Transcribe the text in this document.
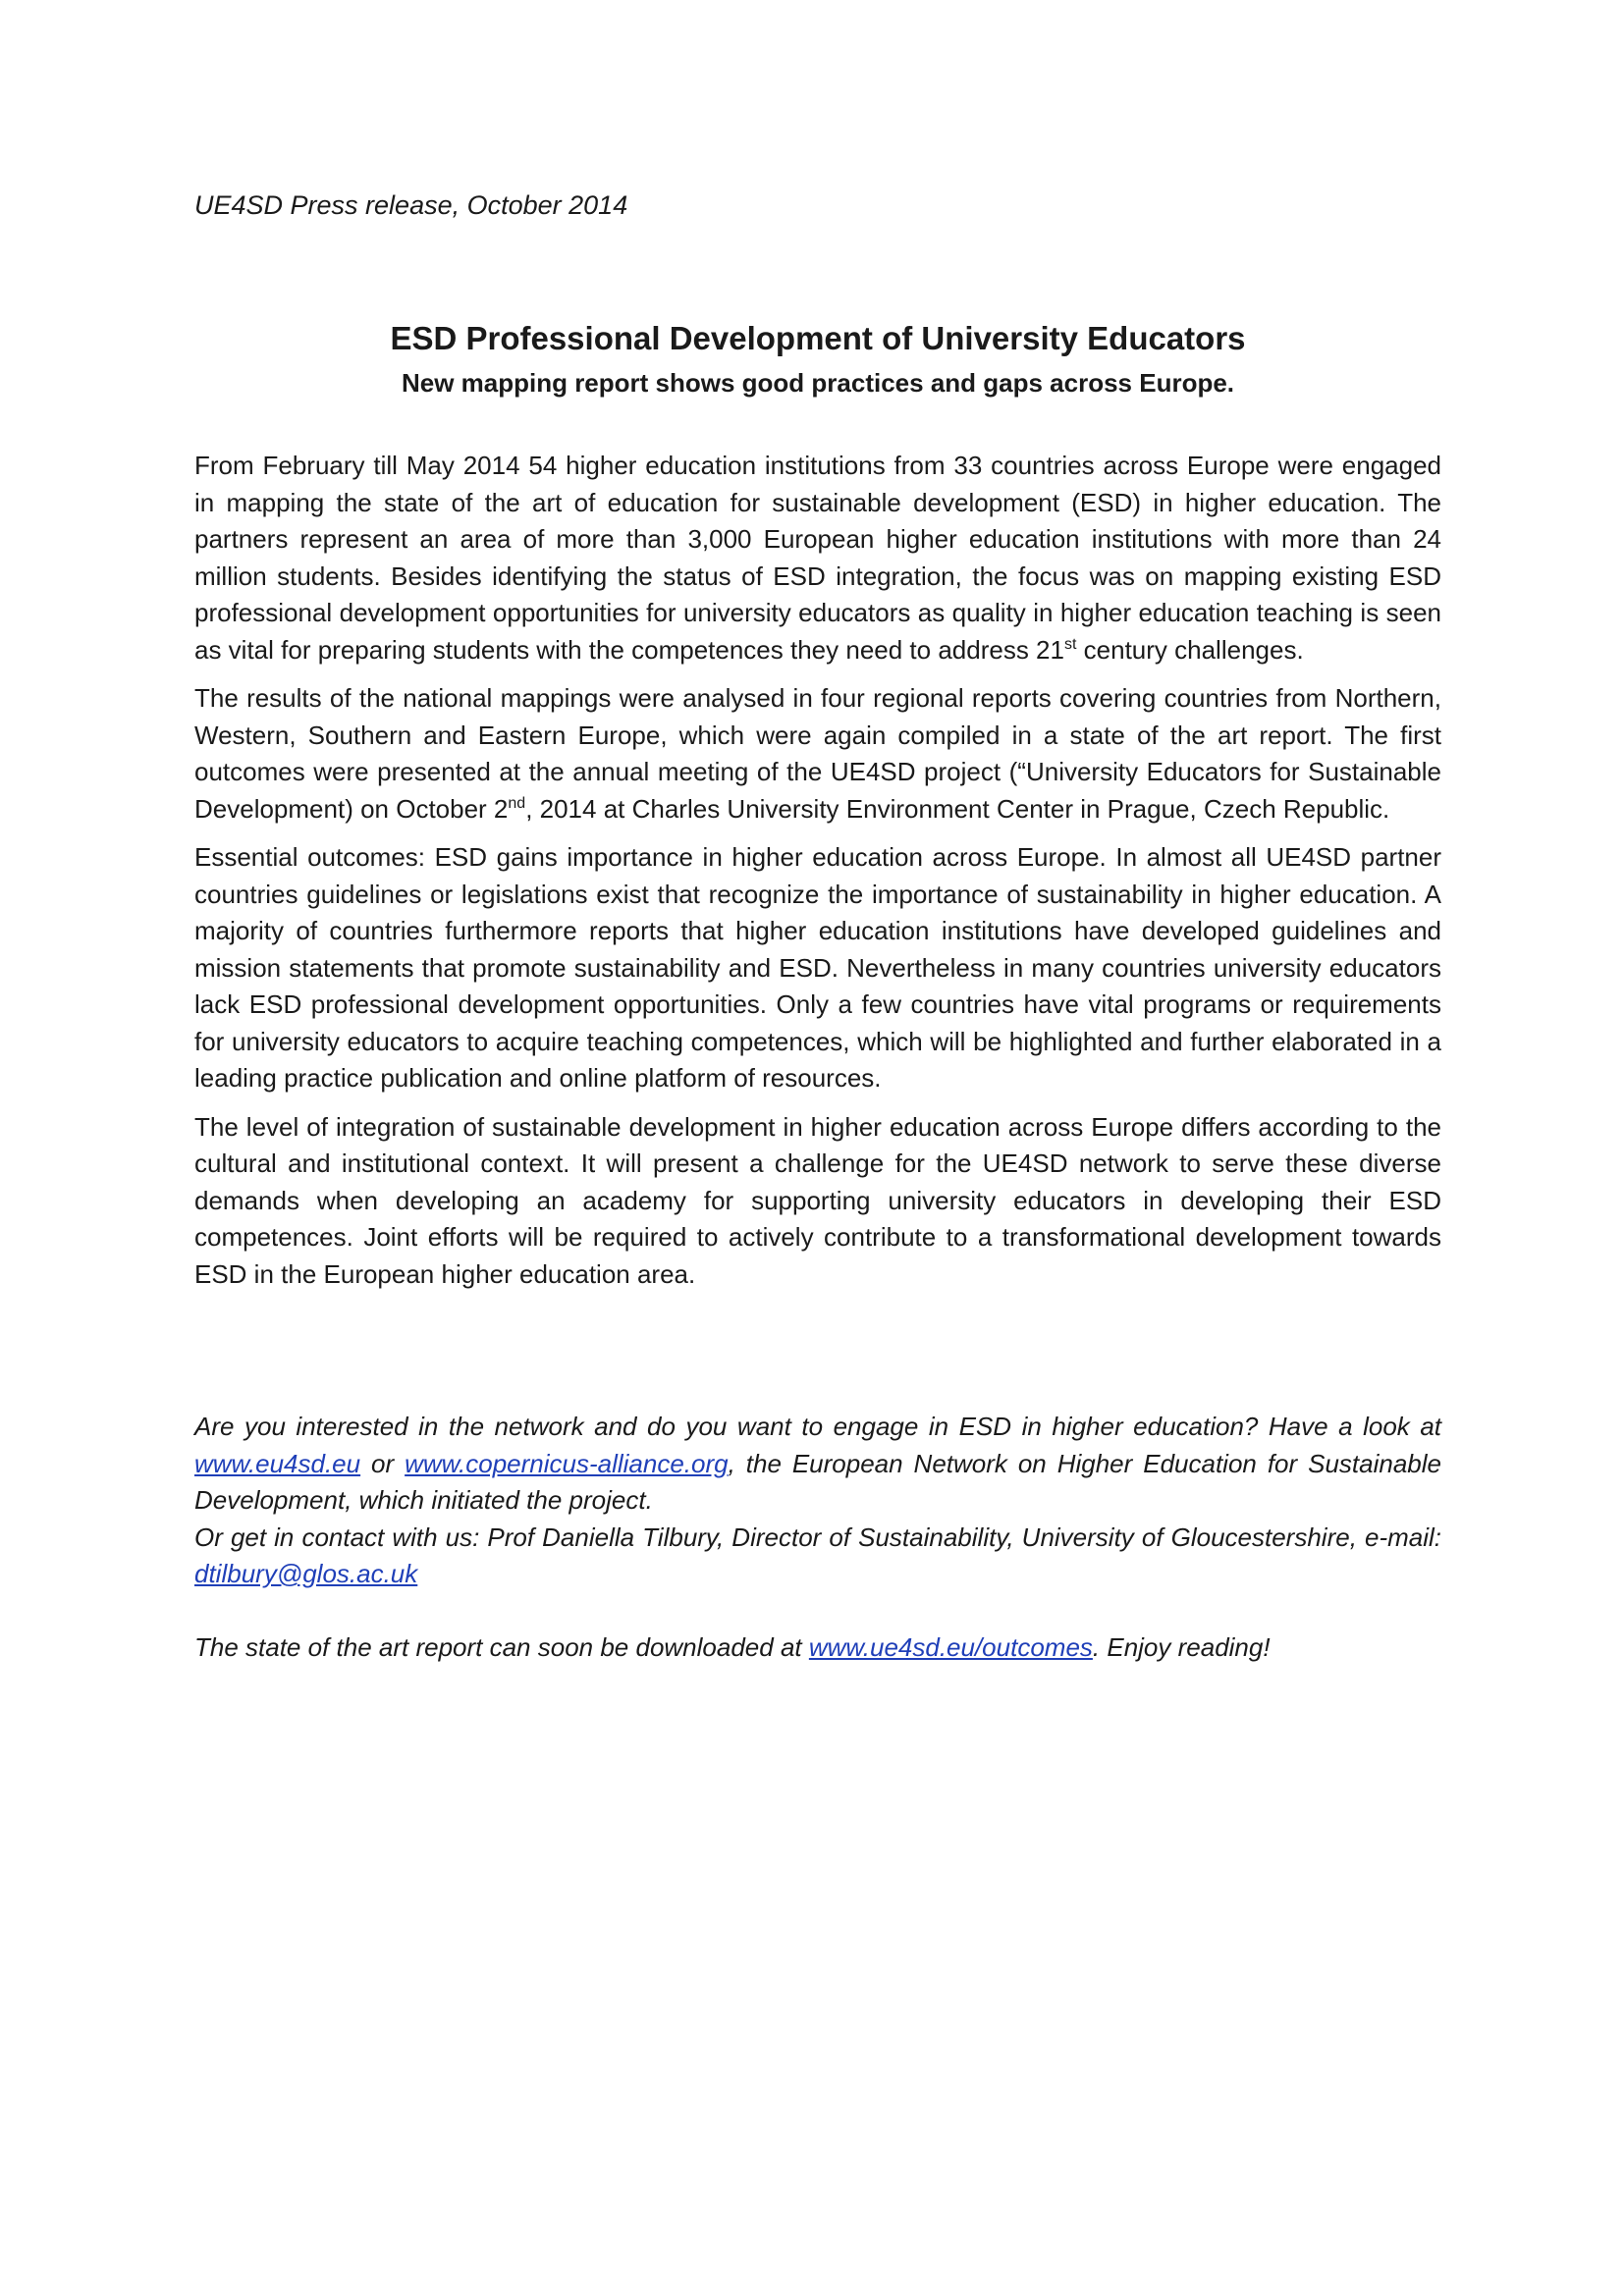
UE4SD Press release, October 2014

ESD Professional Development of University Educators
New mapping report shows good practices and gaps across Europe.

From February till May 2014 54 higher education institutions from 33 countries across Europe were engaged in mapping the state of the art of education for sustainable development (ESD) in higher education. The partners represent an area of more than 3,000 European higher education institutions with more than 24 million students. Besides identifying the status of ESD integration, the focus was on mapping existing ESD professional development opportunities for university educators as quality in higher education teaching is seen as vital for preparing students with the competences they need to address 21st century challenges.

The results of the national mappings were analysed in four regional reports covering countries from Northern, Western, Southern and Eastern Europe, which were again compiled in a state of the art report. The first outcomes were presented at the annual meeting of the UE4SD project (“University Educators for Sustainable Development) on October 2nd, 2014 at Charles University Environment Center in Prague, Czech Republic.

Essential outcomes: ESD gains importance in higher education across Europe. In almost all UE4SD partner countries guidelines or legislations exist that recognize the importance of sustainability in higher education. A majority of countries furthermore reports that higher education institutions have developed guidelines and mission statements that promote sustainability and ESD. Nevertheless in many countries university educators lack ESD professional development opportunities. Only a few countries have vital programs or requirements for university educators to acquire teaching competences, which will be highlighted and further elaborated in a leading practice publication and online platform of resources.

The level of integration of sustainable development in higher education across Europe differs according to the cultural and institutional context. It will present a challenge for the UE4SD network to serve these diverse demands when developing an academy for supporting university educators in developing their ESD competences. Joint efforts will be required to actively contribute to a transformational development towards ESD in the European higher education area.

Are you interested in the network and do you want to engage in ESD in higher education? Have a look at www.eu4sd.eu or www.copernicus-alliance.org, the European Network on Higher Education for Sustainable Development, which initiated the project.

Or get in contact with us: Prof Daniella Tilbury, Director of Sustainability, University of Gloucestershire, e-mail: dtilbury@glos.ac.uk

The state of the art report can soon be downloaded at www.ue4sd.eu/outcomes. Enjoy reading!
